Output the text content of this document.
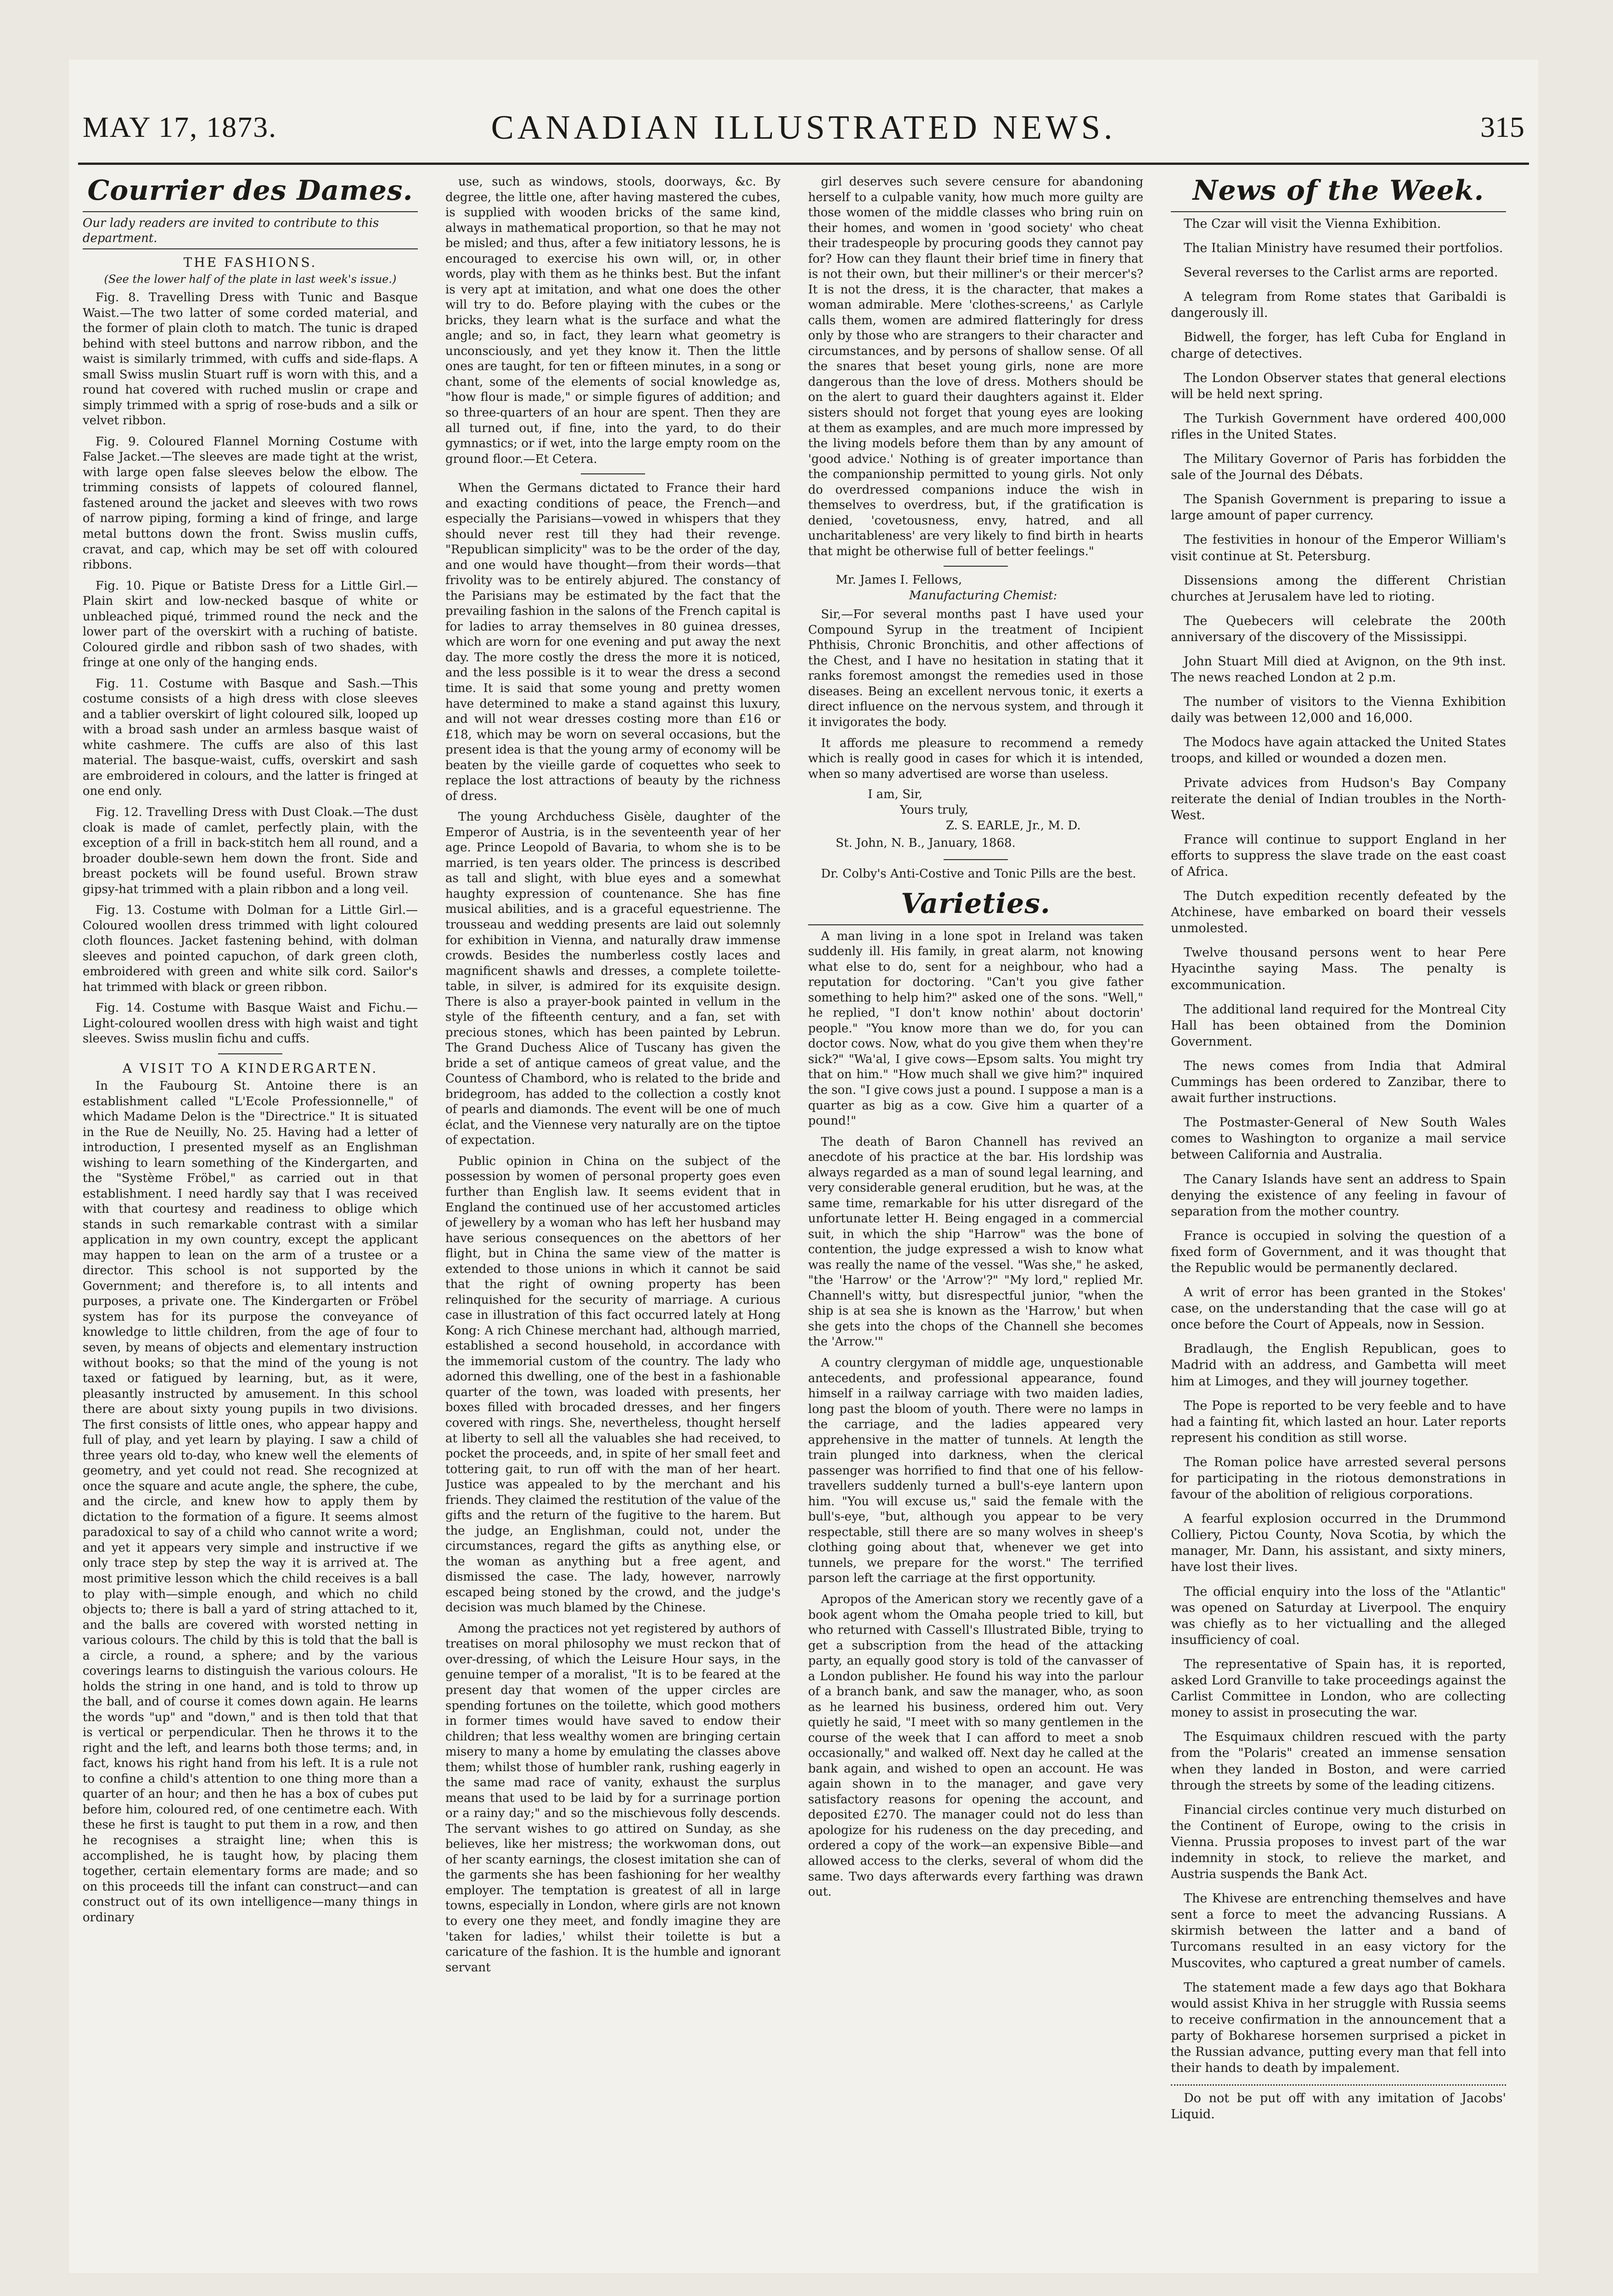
MAY 17, 1873.	CANADIAN ILLUSTRATED NEWS.	315
Courrier des Dames.
Our lady readers are invited to contribute to this department.
THE FASHIONS.
(See the lower half of the plate in last week's issue.)

Fig. 8. Travelling Dress with Tunic and Basque Waist.—The two latter of some corded material, and the former of plain cloth to match. The tunic is draped behind with steel buttons and narrow ribbon, and the waist is similarly trimmed, with cuffs and side-flaps. A small Swiss muslin Stuart ruff is worn with this, and a round hat covered with ruched muslin or crape and simply trimmed with a sprig of rose-buds and a silk or velvet ribbon.

Fig. 9. Coloured Flannel Morning Costume with False Jacket.—The sleeves are made tight at the wrist, with large open false sleeves below the elbow. The trimming consists of lappets of coloured flannel, fastened around the jacket and sleeves with two rows of narrow piping, forming a kind of fringe, and large metal buttons down the front. Swiss muslin cuffs, cravat, and cap, which may be set off with coloured ribbons.

Fig. 10. Pique or Batiste Dress for a Little Girl.—Plain skirt and low-necked basque of white or unbleached piqué, trimmed round the neck and the lower part of the overskirt with a ruching of batiste. Coloured girdle and ribbon sash of two shades, with fringe at one only of the hanging ends.

Fig. 11. Costume with Basque and Sash.—This costume consists of a high dress with close sleeves and a tablier overskirt of light coloured silk, looped up with a broad sash under an armless basque waist of white cashmere. The cuffs are also of this last material. The basque-waist, cuffs, overskirt and sash are embroidered in colours, and the latter is fringed at one end only.

Fig. 12. Travelling Dress with Dust Cloak.—The dust cloak is made of camlet, perfectly plain, with the exception of a frill in back-stitch hem all round, and a broader double-sewn hem down the front. Side and breast pockets will be found useful. Brown straw gipsy-hat trimmed with a plain ribbon and a long veil.

Fig. 13. Costume with Dolman for a Little Girl.—Coloured woollen dress trimmed with light coloured cloth flounces. Jacket fastening behind, with dolman sleeves and pointed capuchon, of dark green cloth, embroidered with green and white silk cord. Sailor's hat trimmed with black or green ribbon.

Fig. 14. Costume with Basque Waist and Fichu.—Light-coloured woollen dress with high waist and tight sleeves. Swiss muslin fichu and cuffs.

A VISIT TO A KINDERGARTEN.

In the Faubourg St. Antoine there is an establishment called "L'Ecole Professionnelle," of which Madame Delon is the "Directrice." It is situated in the Rue de Neuilly, No. 25. Having had a letter of introduction, I presented myself as an Englishman wishing to learn something of the Kindergarten, and the "Système Fröbel," as carried out in that establishment. I need hardly say that I was received with that courtesy and readiness to oblige which stands in such remarkable contrast with a similar application in my own country, except the applicant may happen to lean on the arm of a trustee or a director. This school is not supported by the Government; and therefore is, to all intents and purposes, a private one. The Kindergarten or Fröbel system has for its purpose the conveyance of knowledge to little children, from the age of four to seven, by means of objects and elementary instruction without books; so that the mind of the young is not taxed or fatigued by learning, but, as it were, pleasantly instructed by amusement. In this school there are about sixty young pupils in two divisions. The first consists of little ones, who appear happy and full of play, and yet learn by playing. I saw a child of three years old to-day, who knew well the elements of geometry, and yet could not read. She recognized at once the square and acute angle, the sphere, the cube, and the circle, and knew how to apply them by dictation to the formation of a figure. It seems almost paradoxical to say of a child who cannot write a word; and yet it appears very simple and instructive if we only trace step by step the way it is arrived at. The most primitive lesson which the child receives is a ball to play with—simple enough, and which no child objects to; there is ball a yard of string attached to it, and the balls are covered with worsted netting in various colours. The child by this is told that the ball is a circle, a round, a sphere; and by the various coverings learns to distinguish the various colours. He holds the string in one hand, and is told to throw up the ball, and of course it comes down again. He learns the words "up" and "down," and is then told that that is vertical or perpendicular. Then he throws it to the right and the left, and learns both those terms; and, in fact, knows his right hand from his left. It is a rule not to confine a child's attention to one thing more than a quarter of an hour; and then he has a box of cubes put before him, coloured red, of one centimetre each. With these he first is taught to put them in a row, and then he recognises a straight line; when this is accomplished, he is taught how, by placing them together, certain elementary forms are made; and so on this proceeds till the infant can construct—and can construct out of its own intelligence—many things in ordinary

use, such as windows, stools, doorways, &c. By degree, the little one, after having mastered the cubes, is supplied with wooden bricks of the same kind, always in mathematical proportion, so that he may not be misled; and thus, after a few initiatory lessons, he is encouraged to exercise his own will, or, in other words, play with them as he thinks best. But the infant is very apt at imitation, and what one does the other will try to do. Before playing with the cubes or the bricks, they learn what is the surface and what the angle; and so, in fact, they learn what geometry is unconsciously, and yet they know it. Then the little ones are taught, for ten or fifteen minutes, in a song or chant, some of the elements of social knowledge as, "how flour is made," or simple figures of addition; and so three-quarters of an hour are spent. Then they are all turned out, if fine, into the yard, to do their gymnastics; or if wet, into the large empty room on the ground floor.—Et Cetera.

When the Germans dictated to France their hard and exacting conditions of peace, the French—and especially the Parisians—vowed in whispers that they should never rest till they had their revenge. "Republican simplicity" was to be the order of the day, and one would have thought—from their words—that frivolity was to be entirely abjured. The constancy of the Parisians may be estimated by the fact that the prevailing fashion in the salons of the French capital is for ladies to array themselves in 80 guinea dresses, which are worn for one evening and put away the next day. The more costly the dress the more it is noticed, and the less possible is it to wear the dress a second time. It is said that some young and pretty women have determined to make a stand against this luxury, and will not wear dresses costing more than £16 or £18, which may be worn on several occasions, but the present idea is that the young army of economy will be beaten by the vieille garde of coquettes who seek to replace the lost attractions of beauty by the richness of dress.

The young Archduchess Gisèle, daughter of the Emperor of Austria, is in the seventeenth year of her age. Prince Leopold of Bavaria, to whom she is to be married, is ten years older. The princess is described as tall and slight, with blue eyes and a somewhat haughty expression of countenance. She has fine musical abilities, and is a graceful equestrienne. The trousseau and wedding presents are laid out solemnly for exhibition in Vienna, and naturally draw immense crowds. Besides the numberless costly laces and magnificent shawls and dresses, a complete toilette-table, in silver, is admired for its exquisite design. There is also a prayer-book painted in vellum in the style of the fifteenth century, and a fan, set with precious stones, which has been painted by Lebrun. The Grand Duchess Alice of Tuscany has given the bride a set of antique cameos of great value, and the Countess of Chambord, who is related to the bride and bridegroom, has added to the collection a costly knot of pearls and diamonds. The event will be one of much éclat, and the Viennese very naturally are on the tiptoe of expectation.

Public opinion in China on the subject of the possession by women of personal property goes even further than English law. It seems evident that in England the continued use of her accustomed articles of jewellery by a woman who has left her husband may have serious consequences on the abettors of her flight, but in China the same view of the matter is extended to those unions in which it cannot be said that the right of owning property has been relinquished for the security of marriage. A curious case in illustration of this fact occurred lately at Hong Kong: A rich Chinese merchant had, although married, established a second household, in accordance with the immemorial custom of the country. The lady who adorned this dwelling, one of the best in a fashionable quarter of the town, was loaded with presents, her boxes filled with brocaded dresses, and her fingers covered with rings. She, nevertheless, thought herself at liberty to sell all the valuables she had received, to pocket the proceeds, and, in spite of her small feet and tottering gait, to run off with the man of her heart. Justice was appealed to by the merchant and his friends. They claimed the restitution of the value of the gifts and the return of the fugitive to the harem. But the judge, an Englishman, could not, under the circumstances, regard the gifts as anything else, or the woman as anything but a free agent, and dismissed the case. The lady, however, narrowly escaped being stoned by the crowd, and the judge's decision was much blamed by the Chinese.

Among the practices not yet registered by authors of treatises on moral philosophy we must reckon that of over-dressing, of which the Leisure Hour says, in the genuine temper of a moralist, "It is to be feared at the present day that women of the upper circles are spending fortunes on the toilette, which good mothers in former times would have saved to endow their children; that less wealthy women are bringing certain misery to many a home by emulating the classes above them; whilst those of humbler rank, rushing eagerly in the same mad race of vanity, exhaust the surplus means that used to be laid by for a surrinage portion or a rainy day;" and so the mischievous folly descends. The servant wishes to go attired on Sunday, as she believes, like her mistress; the workwoman dons, out of her scanty earnings, the closest imitation she can of the garments she has been fashioning for her wealthy employer. The temptation is greatest of all in large towns, especially in London, where girls are not known to every one they meet, and fondly imagine they are 'taken for ladies,' whilst their toilette is but a caricature of the fashion. It is the humble and ignorant servant

girl deserves such severe censure for abandoning herself to a culpable vanity, how much more guilty are those women of the middle classes who bring ruin on their homes, and women in 'good society' who cheat their tradespeople by procuring goods they cannot pay for? How can they flaunt their brief time in finery that is not their own, but their milliner's or their mercer's? It is not the dress, it is the character, that makes a woman admirable. Mere 'clothes-screens,' as Carlyle calls them, women are admired flatteringly for dress only by those who are strangers to their character and circumstances, and by persons of shallow sense. Of all the snares that beset young girls, none are more dangerous than the love of dress. Mothers should be on the alert to guard their daughters against it. Elder sisters should not forget that young eyes are looking at them as examples, and are much more impressed by the living models before them than by any amount of 'good advice.' Nothing is of greater importance than the companionship permitted to young girls. Not only do overdressed companions induce the wish in themselves to overdress, but, if the gratification is denied, 'covetousness, envy, hatred, and all uncharitableness' are very likely to find birth in hearts that might be otherwise full of better feelings."

Mr. James I. Fellows,
Manufacturing Chemist:

Sir,—For several months past I have used your Compound Syrup in the treatment of Incipient Phthisis, Chronic Bronchitis, and other affections of the Chest, and I have no hesitation in stating that it ranks foremost amongst the remedies used in those diseases. Being an excellent nervous tonic, it exerts a direct influence on the nervous system, and through it it invigorates the body.

It affords me pleasure to recommend a remedy which is really good in cases for which it is intended, when so many advertised are worse than useless.

I am, Sir,
Yours truly,
Z. S. EARLE, Jr., M. D.
St. John, N. B., January, 1868.

Dr. Colby's Anti-Costive and Tonic Pills are the best.

Varieties.

A man living in a lone spot in Ireland was taken suddenly ill. His family, in great alarm, not knowing what else to do, sent for a neighbour, who had a reputation for doctoring. "Can't you give father something to help him?" asked one of the sons. "Well," he replied, "I don't know nothin' about doctorin' people." "You know more than we do, for you can doctor cows. Now, what do you give them when they're sick?" "Wa'al, I give cows—Epsom salts. You might try that on him." "How much shall we give him?" inquired the son. "I give cows just a pound. I suppose a man is a quarter as big as a cow. Give him a quarter of a pound!"

The death of Baron Channell has revived an anecdote of his practice at the bar. His lordship was always regarded as a man of sound legal learning, and very considerable general erudition, but he was, at the same time, remarkable for his utter disregard of the unfortunate letter H. Being engaged in a commercial suit, in which the ship "Harrow" was the bone of contention, the judge expressed a wish to know what was really the name of the vessel. "Was she," he asked, "the 'Harrow' or the 'Arrow'?" "My lord," replied Mr. Channell's witty, but disrespectful junior, "when the ship is at sea she is known as the 'Harrow,' but when she gets into the chops of the Channell she becomes the 'Arrow.'"

A country clergyman of middle age, unquestionable antecedents, and professional appearance, found himself in a railway carriage with two maiden ladies, long past the bloom of youth. There were no lamps in the carriage, and the ladies appeared very apprehensive in the matter of tunnels. At length the train plunged into darkness, when the clerical passenger was horrified to find that one of his fellow-travellers suddenly turned a bull's-eye lantern upon him. "You will excuse us," said the female with the bull's-eye, "but, although you appear to be very respectable, still there are so many wolves in sheep's clothing going about that, whenever we get into tunnels, we prepare for the worst." The terrified parson left the carriage at the first opportunity.

Apropos of the American story we recently gave of a book agent whom the Omaha people tried to kill, but who returned with Cassell's Illustrated Bible, trying to get a subscription from the head of the attacking party, an equally good story is told of the canvasser of a London publisher. He found his way into the parlour of a branch bank, and saw the manager, who, as soon as he learned his business, ordered him out. Very quietly he said, "I meet with so many gentlemen in the course of the week that I can afford to meet a snob occasionally," and walked off. Next day he called at the bank again, and wished to open an account. He was again shown in to the manager, and gave very satisfactory reasons for opening the account, and deposited £270. The manager could not do less than apologize for his rudeness on the day preceding, and ordered a copy of the work—an expensive Bible—and allowed access to the clerks, several of whom did the same. Two days afterwards every farthing was drawn out.

News of the Week.
The Czar will visit the Vienna Exhibition.
The Italian Ministry have resumed their portfolios.
Several reverses to the Carlist arms are reported.
A telegram from Rome states that Garibaldi is dangerously ill.
Bidwell, the forger, has left Cuba for England in charge of detectives.
The London Observer states that general elections will be held next spring.
The Turkish Government have ordered 400,000 rifles in the United States.
The Military Governor of Paris has forbidden the sale of the Journal des Débats.
The Spanish Government is preparing to issue a large amount of paper currency.
The festivities in honour of the Emperor William's visit continue at St. Petersburg.
Dissensions among the different Christian churches at Jerusalem have led to rioting.
The Quebecers will celebrate the 200th anniversary of the discovery of the Mississippi.
John Stuart Mill died at Avignon, on the 9th inst. The news reached London at 2 p.m.
The number of visitors to the Vienna Exhibition daily was between 12,000 and 16,000.
The Modocs have again attacked the United States troops, and killed or wounded a dozen men.
Private advices from Hudson's Bay Company reiterate the denial of Indian troubles in the North-West.
France will continue to support England in her efforts to suppress the slave trade on the east coast of Africa.
The Dutch expedition recently defeated by the Atchinese, have embarked on board their vessels unmolested.
Twelve thousand persons went to hear Pere Hyacinthe saying Mass. The penalty is excommunication.
The additional land required for the Montreal City Hall has been obtained from the Dominion Government.
The news comes from India that Admiral Cummings has been ordered to Zanzibar, there to await further instructions.
The Postmaster-General of New South Wales comes to Washington to organize a mail service between California and Australia.
The Canary Islands have sent an address to Spain denying the existence of any feeling in favour of separation from the mother country.
France is occupied in solving the question of a fixed form of Government, and it was thought that the Republic would be permanently declared.
A writ of error has been granted in the Stokes' case, on the understanding that the case will go at once before the Court of Appeals, now in Session.
Bradlaugh, the English Republican, goes to Madrid with an address, and Gambetta will meet him at Limoges, and they will journey together.
The Pope is reported to be very feeble and to have had a fainting fit, which lasted an hour. Later reports represent his condition as still worse.
The Roman police have arrested several persons for participating in the riotous demonstrations in favour of the abolition of religious corporations.
A fearful explosion occurred in the Drummond Colliery, Pictou County, Nova Scotia, by which the manager, Mr. Dann, his assistant, and sixty miners, have lost their lives.
The official enquiry into the loss of the "Atlantic" was opened on Saturday at Liverpool. The enquiry was chiefly as to her victualling and the alleged insufficiency of coal.
The representative of Spain has, it is reported, asked Lord Granville to take proceedings against the Carlist Committee in London, who are collecting money to assist in prosecuting the war.
The Esquimaux children rescued with the party from the "Polaris" created an immense sensation when they landed in Boston, and were carried through the streets by some of the leading citizens.
Financial circles continue very much disturbed on the Continent of Europe, owing to the crisis in Vienna. Prussia proposes to invest part of the war indemnity in stock, to relieve the market, and Austria suspends the Bank Act.
The Khivese are entrenching themselves and have sent a force to meet the advancing Russians. A skirmish between the latter and a band of Turcomans resulted in an easy victory for the Muscovites, who captured a great number of camels.
The statement made a few days ago that Bokhara would assist Khiva in her struggle with Russia seems to receive confirmation in the announcement that a party of Bokharese horsemen surprised a picket in the Russian advance, putting every man that fell into their hands to death by impalement.
Do not be put off with any imitation of Jacobs' Liquid.
